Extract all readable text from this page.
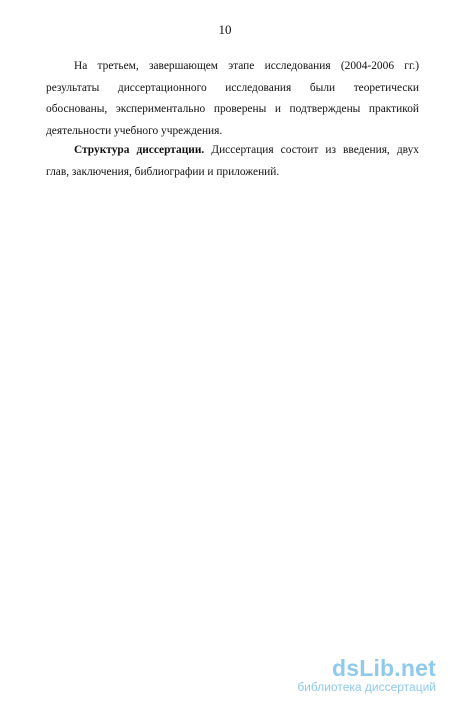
10
На третьем, завершающем этапе исследования (2004-2006 гг.)
результаты диссертационного исследования были теоретически
обоснованы, экспериментально проверены и подтверждены практикой
деятельности учебного учреждения.
Структура диссертации. Диссертация состоит из введения, двух
глав, заключения, библиографии и приложений.
dsLib.net
библиотека диссертаций
